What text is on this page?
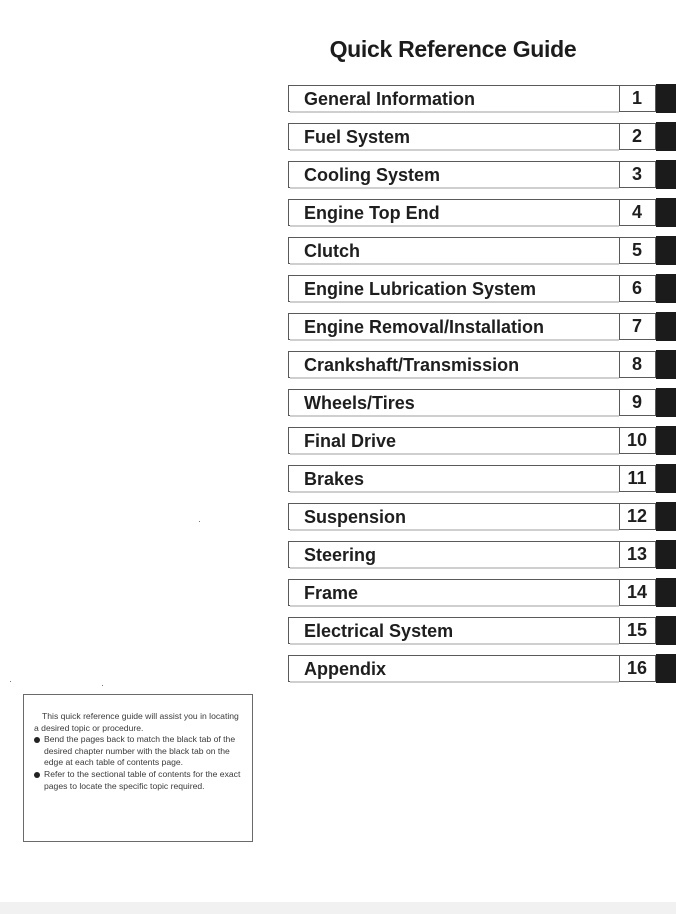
Quick Reference Guide
General Information	1
Fuel System	2
Cooling System	3
Engine Top End	4
Clutch	5
Engine Lubrication System	6
Engine Removal/Installation	7
Crankshaft/Transmission	8
Wheels/Tires	9
Final Drive	10
Brakes	11
Suspension	12
Steering	13
Frame	14
Electrical System	15
Appendix	16

This quick reference guide will assist you in locating a desired topic or procedure.

Bend the pages back to match the black tab of the desired chapter number with the black tab on the edge at each table of contents page.

Refer to the sectional table of contents for the exact pages to locate the specific topic required.
